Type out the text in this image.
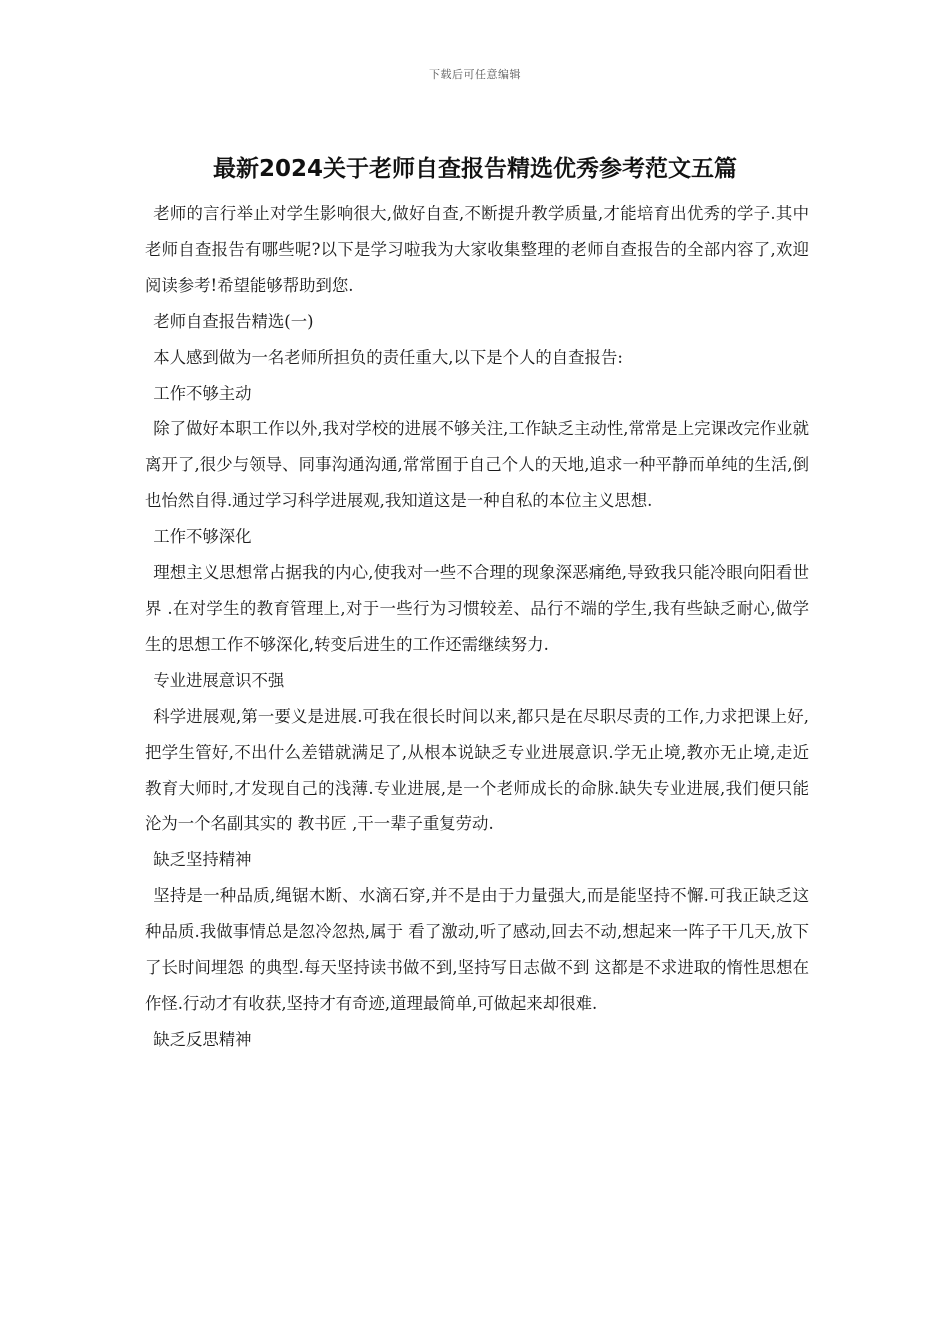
下载后可任意编辑
最新2024关于老师自查报告精选优秀参考范文五篇

老师的言行举止对学生影响很大,做好自查,不断提升教学质量,才能培育出优秀的学子.其中老师自查报告有哪些呢?以下是学习啦我为大家收集整理的老师自查报告的全部内容了,欢迎阅读参考!希望能够帮助到您.

老师自查报告精选(一)

本人感到做为一名老师所担负的责任重大,以下是个人的自查报告:

工作不够主动

除了做好本职工作以外,我对学校的进展不够关注,工作缺乏主动性,常常是上完课改完作业就离开了,很少与领导、同事沟通沟通,常常囿于自己个人的天地,追求一种平静而单纯的生活,倒也怡然自得.通过学习科学进展观,我知道这是一种自私的本位主义思想.

工作不够深化

理想主义思想常占据我的内心,使我对一些不合理的现象深恶痛绝,导致我只能冷眼向阳看世界 .在对学生的教育管理上,对于一些行为习惯较差、品行不端的学生,我有些缺乏耐心,做学生的思想工作不够深化,转变后进生的工作还需继续努力.

专业进展意识不强

科学进展观,第一要义是进展.可我在很长时间以来,都只是在尽职尽责的工作,力求把课上好,把学生管好,不出什么差错就满足了,从根本说缺乏专业进展意识.学无止境,教亦无止境,走近教育大师时,才发现自己的浅薄.专业进展,是一个老师成长的命脉.缺失专业进展,我们便只能沦为一个名副其实的 教书匠 ,干一辈子重复劳动.

缺乏坚持精神

坚持是一种品质,绳锯木断、水滴石穿,并不是由于力量强大,而是能坚持不懈.可我正缺乏这种品质.我做事情总是忽冷忽热,属于 看了激动,听了感动,回去不动,想起来一阵子干几天,放下了长时间埋怨 的典型.每天坚持读书做不到,坚持写日志做不到 这都是不求进取的惰性思想在作怪.行动才有收获,坚持才有奇迹,道理最简单,可做起来却很难.

缺乏反思精神
